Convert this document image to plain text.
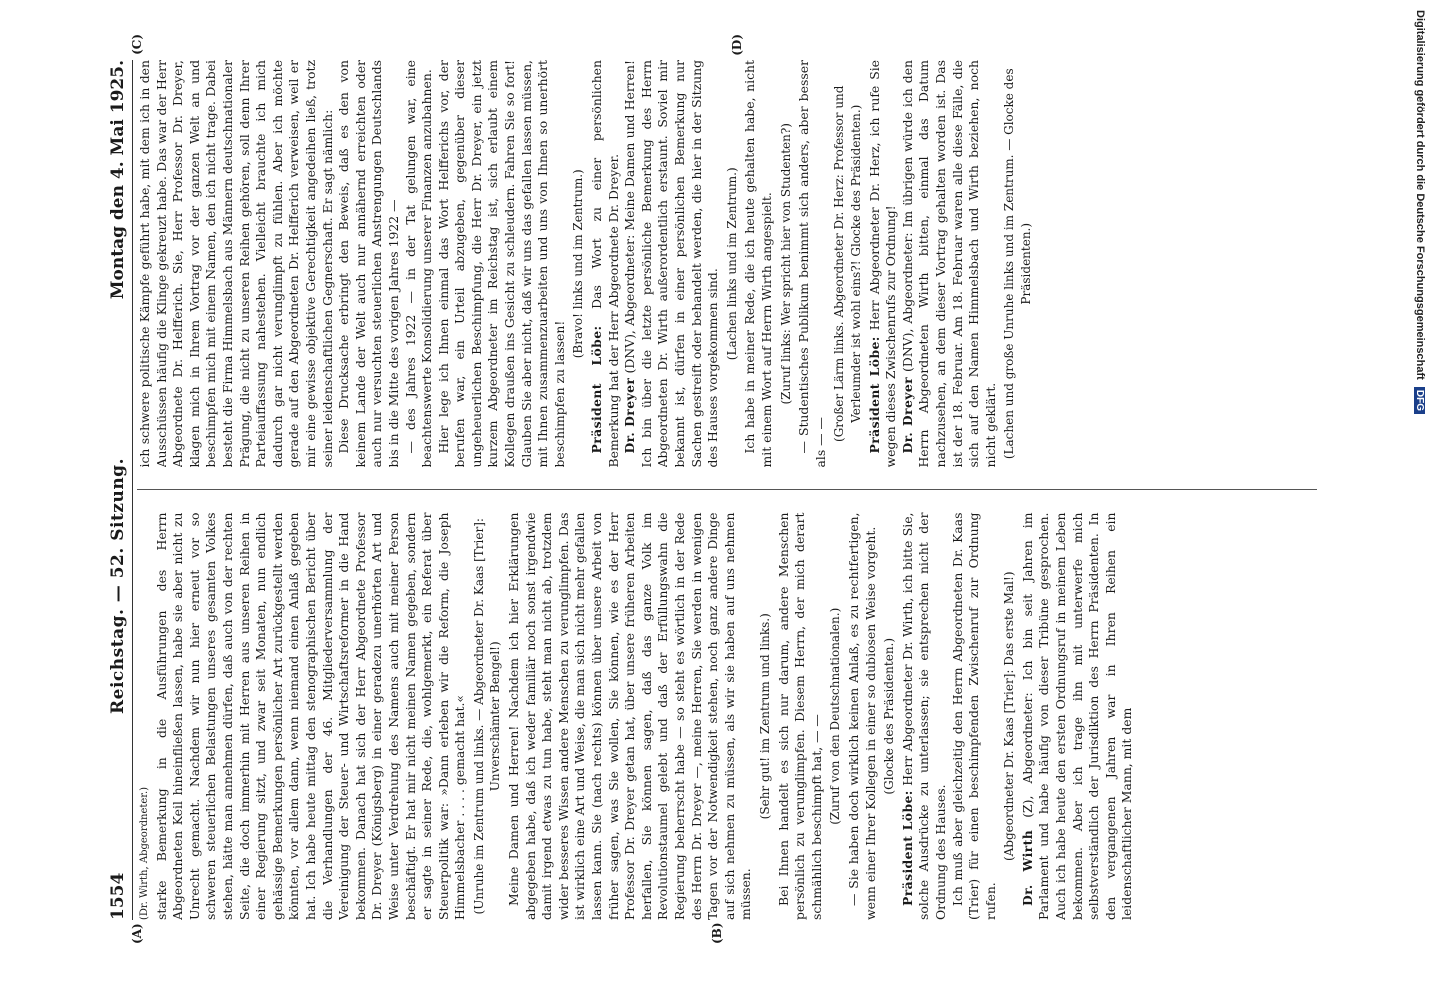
1554
Reichstag. — 52. Sitzung.
Montag den 4. Mai 1925.

(Dr. Wirth, Abgeordneter.) starke Bemerkung in die Ausführungen des Herrn Abgeordneten Keil hineinfließen lassen, habe sie aber nicht zu Unrecht gemacht. Nachdem wir nun hier erneut vor so schweren steuerlichen Belastungen unseres gesamten Volkes stehen, hätte man annehmen dürfen, daß auch von der rechten Seite, die doch immerhin mit Herren aus unseren Reihen in einer Regierung sitzt, und zwar seit Monaten, nun endlich gehässige Bemerkungen persönlicher Art zurückgestellt werden könnten, vor allem dann, wenn niemand einen Anlaß gegeben hat. Ich habe heute mittag den stenographischen Bericht über die Verhandlungen der 46. Mitgliederversammlung der Vereinigung der Steuer- und Wirtschaftsreformer in die Hand bekommen. Danach hat sich der Herr Abgeordnete Professor Dr. Dreyer (Königsberg) in einer geradezu unerhörten Art und Weise unter Verdrehung des Namens auch mit meiner Person beschäftigt. Er hat mir nicht meinen Namen gegeben, sondern er sagte in seiner Rede, die, wohlgemerkt, ein Referat über Steuerpolitik war: »Dann erleben wir die Reform, die Joseph Himmelsbacher . . . . gemacht hat.« (Unruhe im Zentrum und links. — Abgeordneter Dr. Kaas [Trier]: Unverschämter Bengel!) Meine Damen und Herren! Nachdem ich hier Erklärungen abgegeben habe, daß ich weder familiär noch sonst irgendwie damit irgend etwas zu tun habe, steht man nicht ab, trotzdem wider besseres Wissen andere Menschen zu verunglimpfen. Das ist wirklich eine Art und Weise, die man sich nicht mehr gefallen lassen kann. Sie (nach rechts) können über unsere Arbeit von früher sagen, was Sie wollen, Sie können, wie es der Herr Professor Dr. Dreyer getan hat, über unsere früheren Arbeiten herfallen, Sie können sagen, daß das ganze Volk im Revolutionstaumel gelebt und daß der Erfüllungswahn die Regierung beherrscht habe — so steht es wörtlich in der Rede des Herrn Dr. Dreyer —, meine Herren, Sie werden in wenigen Tagen vor der Notwendigkeit stehen, noch ganz andere Dinge auf sich nehmen zu müssen, als wir sie haben auf uns nehmen müssen.

(Sehr gut! im Zentrum und links.) Bei Ihnen handelt es sich nur darum, andere Menschen persönlich zu verunglimpfen. Diesem Herrn, der mich derart schmählich beschimpft hat, — — (Zuruf von den Deutschnationalen.) — Sie haben doch wirklich keinen Anlaß, es zu rechtfertigen, wenn einer Ihrer Kollegen in einer so dubiosen Weise vorgeht. (Glocke des Präsidenten.)

Präsident Löbe: Herr Abgeordneter Dr. Wirth, ich bitte Sie, solche Ausdrücke zu unterlassen; sie entsprechen nicht der Ordnung des Hauses. Ich muß aber gleichzeitig den Herrn Abgeordneten Dr. Kaas (Trier) für einen beschimpfenden Zwischenruf zur Ordnung rufen.

(Abgeordneter Dr. Kaas [Trier]: Das erste Mal!)

Dr. Wirth (Z), Abgeordneter: Ich bin seit Jahren im Parlament und habe häufig von dieser Tribüne gesprochen. Auch ich habe heute den ersten Ordnungsruf in meinem Leben bekommen. Aber ich trage ihn mit unterwerfe mich selbstverständlich der Jurisdiktion des Herrn Präsidenten. In den vergangenen Jahren war in Ihren Reihen ein leidenschaftlicher Mann, mit dem

ich schwere politische Kämpfe geführt habe, mit dem ich in den Ausschüssen häufig die Klinge gekreuzt habe. Das war der Herr Abgeordnete Dr. Helfferich. Sie, Herr Professor Dr. Dreyer, klagen mich in Ihrem Vortrag vor der ganzen Welt an und beschimpfen mich mit einem Namen, den ich nicht trage. Dabei besteht die Firma Himmelsbach aus Männern deutschnationaler Prägung, die nicht zu unseren Reihen gehören, soll denn Ihrer Parteiauffassung nahestehen. Vielleicht brauchte ich mich dadurch gar nicht verunglimpft zu fühlen. Aber ich möchte gerade auf den Abgeordneten Dr. Helfferich verweisen, weil er mir eine gewisse objektive Gerechtigkeit angedeihen ließ, trotz seiner leidenschaftlichen Gegnerschaft. Er sagt nämlich: Diese Drucksache erbringt den Beweis, daß es den von keinem Lande der Welt auch nur annähernd erreichten oder auch nur versuchten steuerlichen Anstrengungen Deutschlands bis in die Mitte des vorigen Jahres 1922 — — des Jahres 1922 — in der Tat gelungen war, eine beachtenswerte Konsolidierung unserer Finanzen anzubahnen. Hier lege ich Ihnen einmal das Wort Helfferichs vor, der berufen war, ein Urteil abzugeben, gegenüber dieser ungeheuerlichen Beschimpfung, die Herr Dr. Dreyer, ein jetzt kurzem Abgeordneter im Reichstag ist, sich erlaubt einem Kollegen draußen ins Gesicht zu schleudern. Fahren Sie so fort! Glauben Sie aber nicht, daß wir uns das gefallen lassen müssen, mit Ihnen zusammenzuarbeiten und uns von Ihnen so unerhört beschimpfen zu lassen!

(Bravo! links und im Zentrum.)

Präsident Löbe: Das Wort zu einer persönlichen Bemerkung hat der Herr Abgeordnete Dr. Dreyer. Dr. Dreyer (DNV), Abgeordneter: Meine Damen und Herren! Ich bin über die letzte persönliche Bemerkung des Herrn Abgeordneten Dr. Wirth außerordentlich erstaunt. Soviel mir bekannt ist, dürfen in einer persönlichen Bemerkung nur Sachen gestreift oder behandelt werden, die hier in der Sitzung des Hauses vorgekommen sind.

(Lachen links und im Zentrum.) Ich habe in meiner Rede, die ich heute gehalten habe, nicht mit einem Wort auf Herrn Wirth angespielt. (Zuruf links: Wer spricht hier von Studenten?) — Studentisches Publikum benimmt sich anders, aber besser als — —

(Großer Lärm links. Abgeordneter Dr. Herz: Professor und Verleumder ist wohl eins?! Glocke des Präsidenten.) Präsident Löbe: Herr Abgeordneter Dr. Herz, ich rufe Sie wegen dieses Zwischenrufs zur Ordnung! Dr. Dreyer (DNV), Abgeordneter: Im übrigen würde ich den Herrn Abgeordneten Wirth bitten, einmal das Datum nachzusehen, an dem dieser Vortrag gehalten worden ist. Das ist der 18. Februar. Am 18. Februar waren alle diese Fälle, die sich auf den Namen Himmelsbach und Wirth beziehen, noch nicht geklärt. (Lachen und große Unruhe links und im Zentrum. — Glocke des Präsidenten.)

(A)	(B)
(C)	(D)	Digitalisierung gefördert durch die Deutsche Forschungsgemeinschaft DFG
